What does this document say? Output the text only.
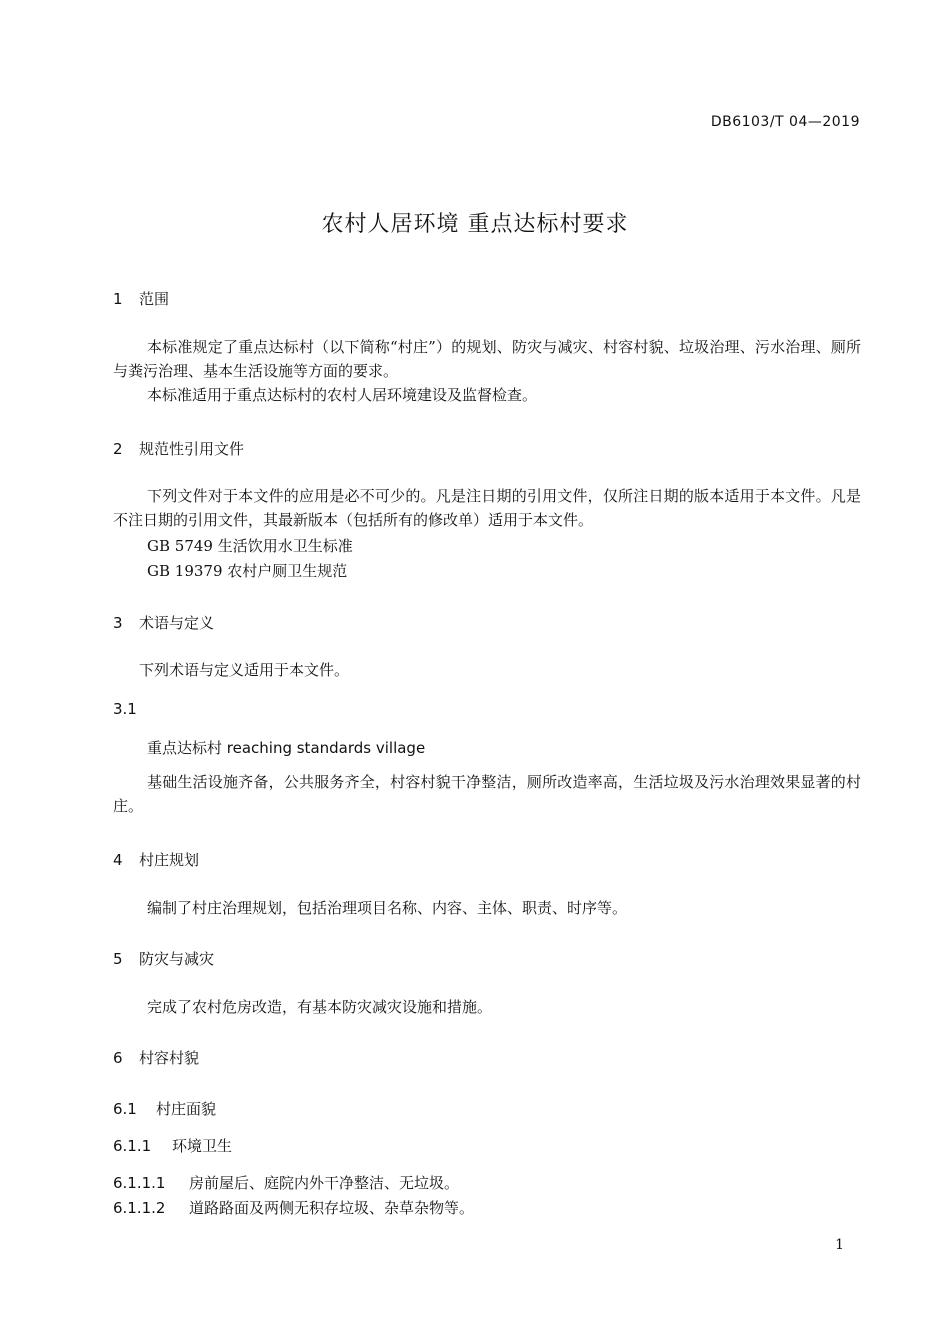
DB6103/T 04—2019
农村人居环境 重点达标村要求
1 范围
本标准规定了重点达标村（以下简称“村庄”）的规划、防灾与减灾、村容村貌、垃圾治理、污水治理、厕所与粪污治理、基本生活设施等方面的要求。
本标准适用于重点达标村的农村人居环境建设及监督检查。
2 规范性引用文件
下列文件对于本文件的应用是必不可少的。凡是注日期的引用文件，仅所注日期的版本适用于本文件。凡是不注日期的引用文件，其最新版本（包括所有的修改单）适用于本文件。
GB 5749 生活饮用水卫生标准
GB 19379 农村户厕卫生规范
3 术语与定义
下列术语与定义适用于本文件。
3.1
重点达标村 reaching standards village
基础生活设施齐备，公共服务齐全，村容村貌干净整洁，厕所改造率高，生活垃圾及污水治理效果显著的村庄。
4 村庄规划
编制了村庄治理规划，包括治理项目名称、内容、主体、职责、时序等。
5 防灾与减灾
完成了农村危房改造，有基本防灾减灾设施和措施。
6 村容村貌
6.1 村庄面貌
6.1.1 环境卫生
6.1.1.1 房前屋后、庭院内外干净整洁、无垃圾。
6.1.1.2 道路路面及两侧无积存垃圾、杂草杂物等。
1
